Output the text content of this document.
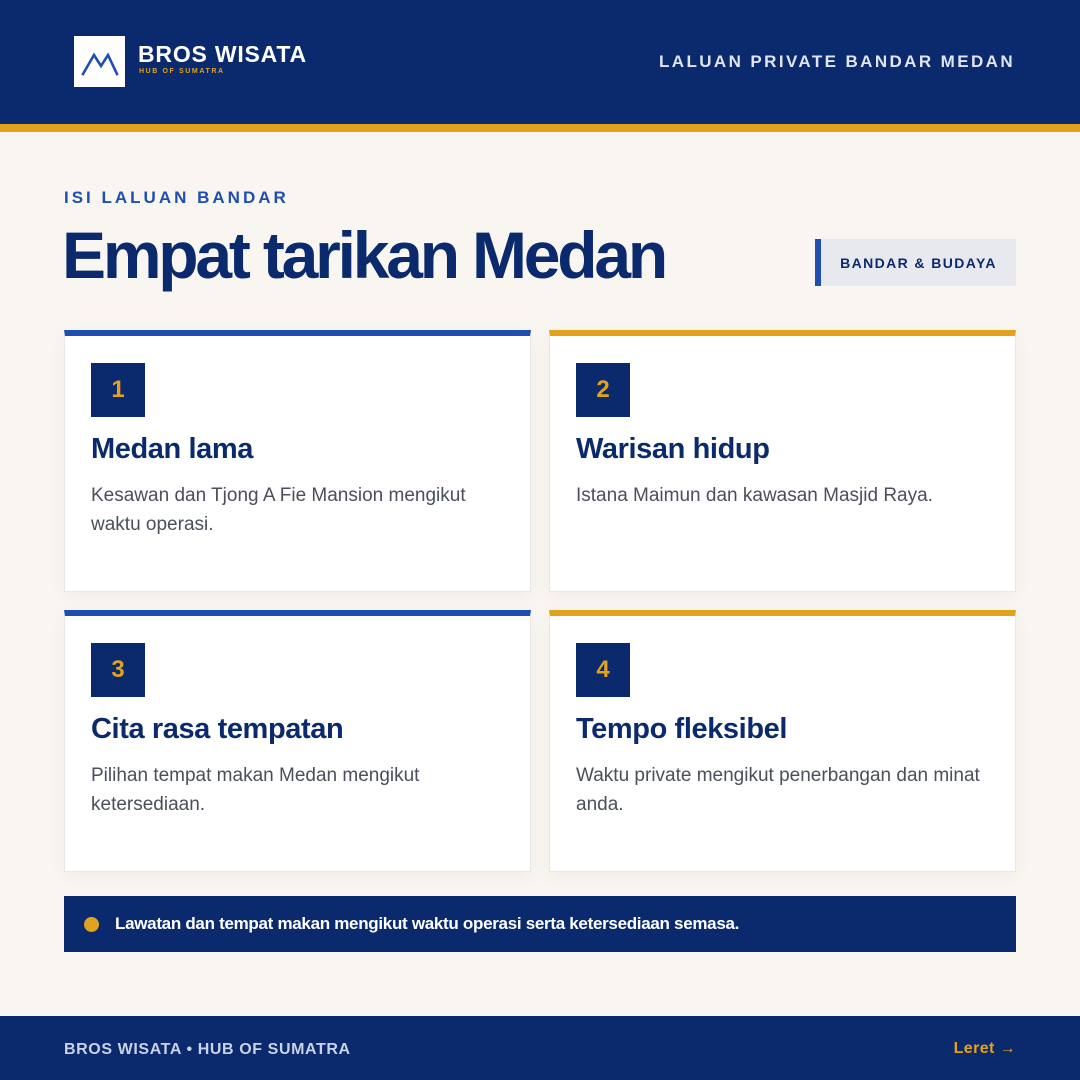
BROS WISATA
HUB OF SUMATRA
LALUAN PRIVATE BANDAR MEDAN
ISI LALUAN BANDAR
Empat tarikan Medan	BANDAR & BUDAYA
1
Medan lama
Kesawan dan Tjong A Fie Mansion mengikut waktu operasi.
2
Warisan hidup
Istana Maimun dan kawasan Masjid Raya.
3
Cita rasa tempatan
Pilihan tempat makan Medan mengikut ketersediaan.
4
Tempo fleksibel
Waktu private mengikut penerbangan dan minat anda.
Lawatan dan tempat makan mengikut waktu operasi serta ketersediaan semasa.
BROS WISATA • HUB OF SUMATRA	Leret →
